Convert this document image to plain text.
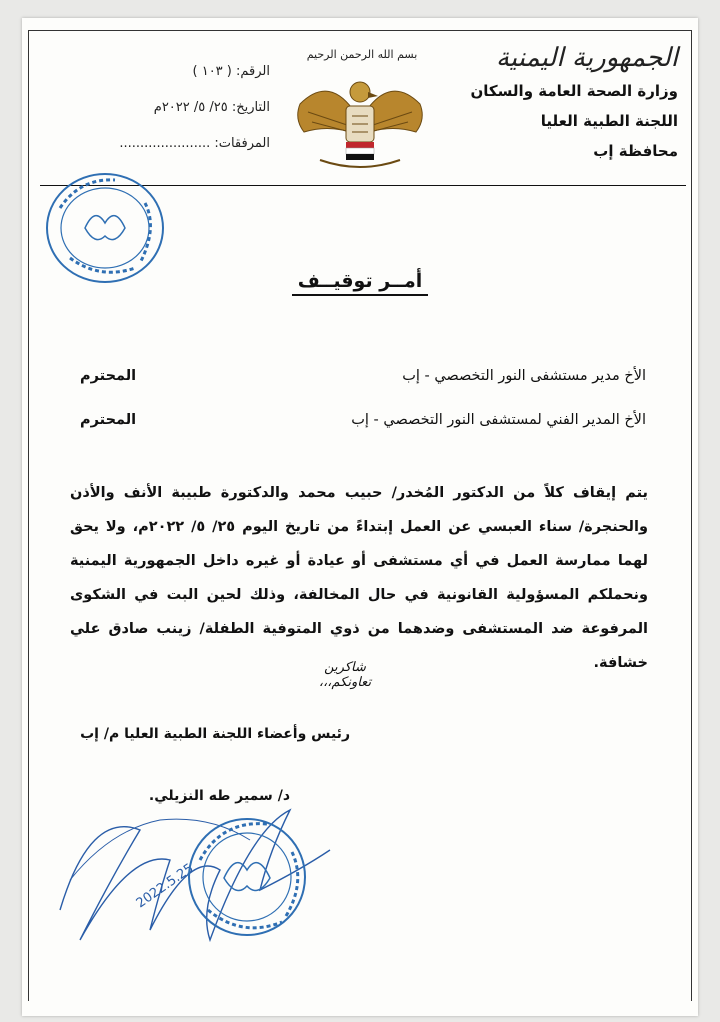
الجمهورية اليمنية
وزارة الصحة العامة والسكان
اللجنة الطبية العليا
محافظة إب
بسم الله الرحمن الرحيم
الرقم: ( ١٠٣ )
التاريخ: ٢٥/ ٥/ ٢٠٢٢م
المرفقات: ......................
أمــر توقيــف
الأخ مدير مستشفى النور التخصصي - إب
المحترم
الأخ المدير الفني لمستشفى النور التخصصي - إب
المحترم
يتم إيقاف كلاً من الدكتور المُخدر/ حبيب محمد والدكتورة طبيبة الأنف والأذن والحنجرة/ سناء العبسي عن العمل إبتداءً من تاريخ اليوم ٢٥/ ٥/ ٢٠٢٢م، ولا يحق لهما ممارسة العمل في أي مستشفى أو عيادة أو غيره داخل الجمهورية اليمنية ونحملكم المسؤولية القانونية في حال المخالفة، وذلك لحين البت في الشكوى المرفوعة ضد المستشفى وضدهما من ذوي المتوفية الطفلة/ زينب صادق علي خشافة.
شاكرين تعاونكم،،،
رئيس وأعضاء اللجنة الطبية العليا م/ إب
د/ سمير طه النزيلي.
2022.5.25
